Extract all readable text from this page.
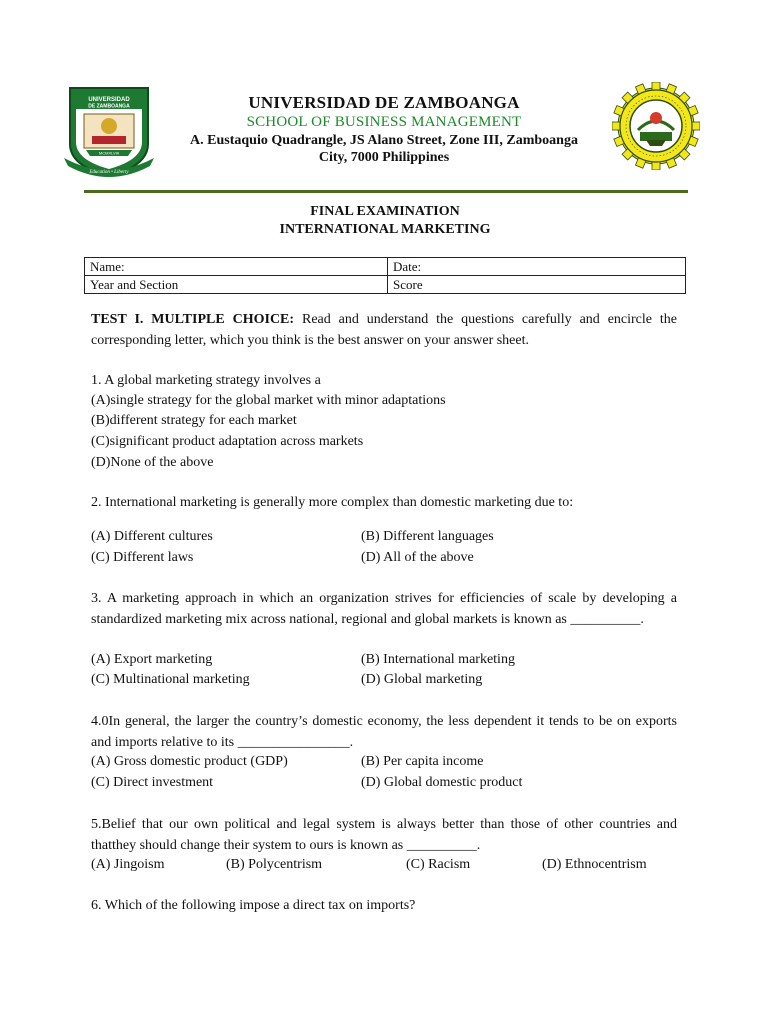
UNIVERSIDAD
DE ZAMBOANGA
MCMXLVIII
Education • Liberty
UNIVERSIDAD DE ZAMBOANGA
SCHOOL OF BUSINESS MANAGEMENT
A. Eustaquio Quadrangle, JS Alano Street, Zone III, Zamboanga
City, 7000 Philippines
FINAL EXAMINATION
INTERNATIONAL MARKETING
Name:	Date:
Year and Section	Score
TEST I. MULTIPLE CHOICE: Read and understand the questions carefully and encircle the corresponding letter, which you think is the best answer on your answer sheet.
1. A global marketing strategy involves a
(A)single strategy for the global market with minor adaptations
(B)different strategy for each market
(C)significant product adaptation across markets
(D)None of the above
2. International marketing is generally more complex than domestic marketing due to:
(A) Different cultures	(B) Different languages
(C) Different laws	(D) All of the above
3. A marketing approach in which an organization strives for efficiencies of scale by developing a standardized marketing mix across national, regional and global markets is known as __________.
(A) Export marketing	(B) International marketing
(C) Multinational marketing	(D) Global marketing
4.0In general, the larger the country’s domestic economy, the less dependent it tends to be on exports and imports relative to its ________________.
(A) Gross domestic product (GDP)	(B) Per capita income
(C) Direct investment	(D) Global domestic product
5.Belief that our own political and legal system is always better than those of other countries and thatthey should change their system to ours is known as __________.
(A) Jingoism	(B) Polycentrism	(C) Racism	(D) Ethnocentrism
6. Which of the following impose a direct tax on imports?
